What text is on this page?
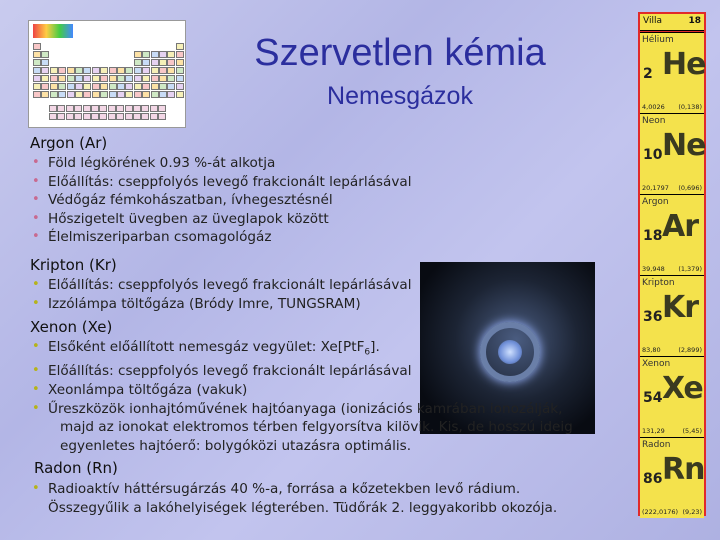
Szervetlen kémia
Nemesgázok
Argon (Ar)
• Föld légkörének 0.93 %-át alkotja
• Előállítás: cseppfolyós levegő frakcionált lepárlásával
• Védőgáz fémkohászatban, ívhegesztésnél
• Hőszigetelt üvegben az üveglapok között
• Élelmiszeriparban csomagológáz
Kripton (Kr)
• Előállítás: cseppfolyós levegő frakcionált lepárlásával
• Izzólámpa töltőgáza (Bródy Imre, TUNGSRAM)
Xenon (Xe)
• Elsőként előállított nemesgáz vegyület: Xe[PtF$_6$].
• Előállítás: cseppfolyós levegő frakcionált lepárlásával
• Xeonlámpa töltőgáza (vakuk)
• Űreszközök ionhajtóművének hajtóanyaga (ionizációs kamrában ionozálják,
majd az ionokat elektromos térben felgyorsítva kilövik. Kis, de hosszú ideig
egyenletes hajtóerő: bolygóközi utazásra optimális.
Radon (Rn)
• Radioaktív háttérsugárzás 40 %-a, forrása a kőzetekben levő rádium.
Összegyűlik a lakóhelyiségek légterében. Tüdőrák 2. leggyakoribb okozója.
Villa	18
Hélium
2 He
4,0026 (0,138)
Neon
10 Ne
20,1797 (0,696)
Argon
18 Ar
39,948 (1,379)
Kripton
36 Kr
83,80	(2,899)
Xenon
54 Xe
131,29	(5,45)
Radon
86 Rn
(222,0176) (9,23)
